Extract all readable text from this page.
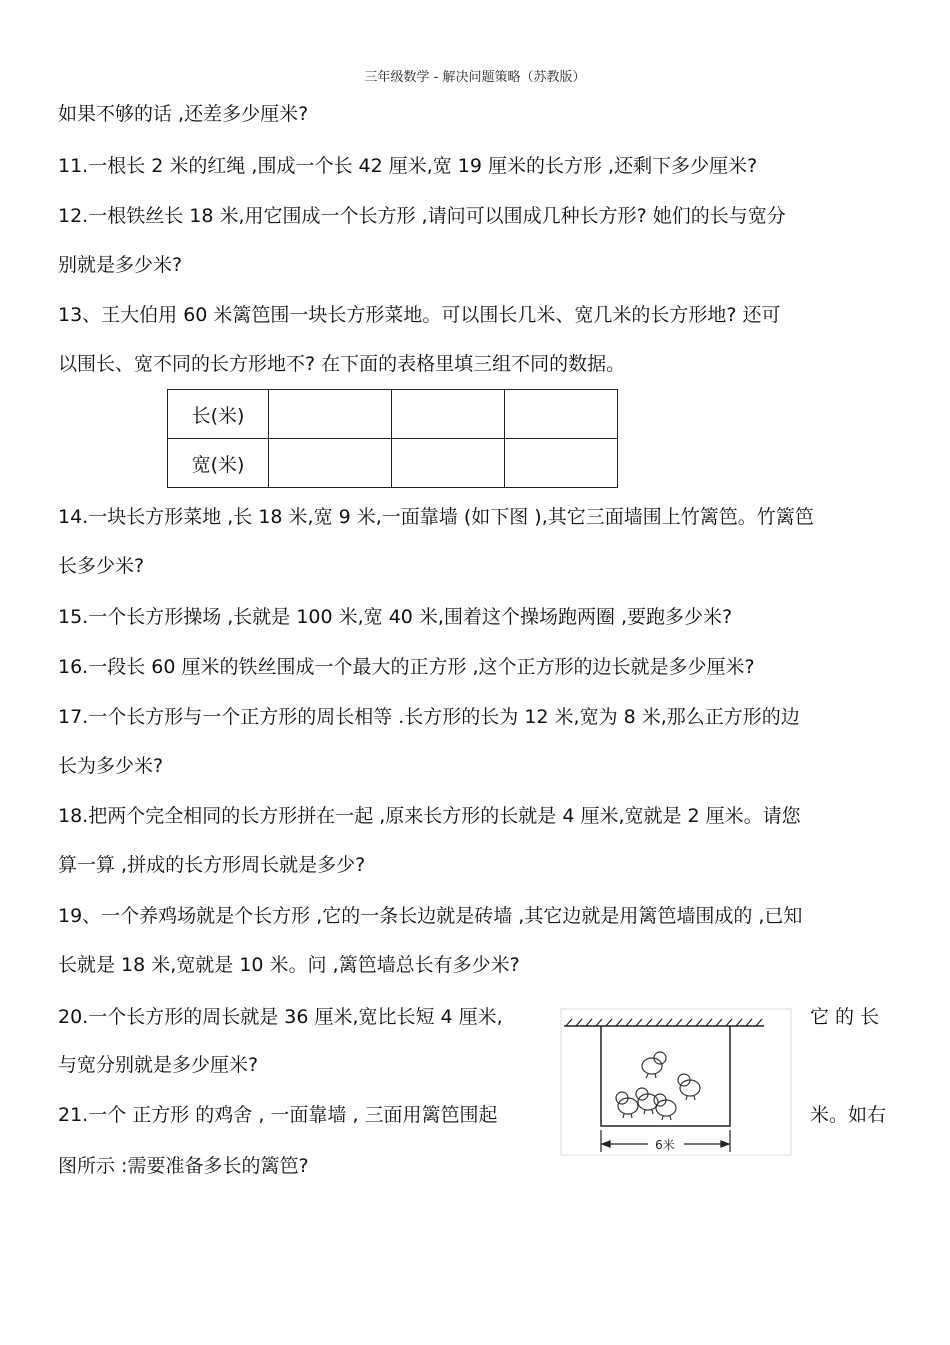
三年级数学 - 解决问题策略（苏教版）
如果不够的话 ,还差多少厘米?
11.一根长 2 米的红绳 ,围成一个长 42 厘米,宽 19 厘米的长方形 ,还剩下多少厘米?
12.一根铁丝长 18 米,用它围成一个长方形 ,请问可以围成几种长方形? 她们的长与宽分
别就是多少米?
13、王大伯用 60 米篱笆围一块长方形菜地。可以围长几米、宽几米的长方形地? 还可
以围长、宽不同的长方形地不? 在下面的表格里填三组不同的数据。
长(米)			
宽(米)			
14.一块长方形菜地 ,长 18 米,宽 9 米,一面靠墙 (如下图 ),其它三面墙围上竹篱笆。竹篱笆
长多少米?
15.一个长方形操场 ,长就是 100 米,宽 40 米,围着这个操场跑两圈 ,要跑多少米?
16.一段长 60 厘米的铁丝围成一个最大的正方形 ,这个正方形的边长就是多少厘米?
17.一个长方形与一个正方形的周长相等 .长方形的长为 12 米,宽为 8 米,那么正方形的边
长为多少米?
18.把两个完全相同的长方形拼在一起 ,原来长方形的长就是 4 厘米,宽就是 2 厘米。请您
算一算 ,拼成的长方形周长就是多少?
19、一个养鸡场就是个长方形 ,它的一条长边就是砖墙 ,其它边就是用篱笆墙围成的 ,已知
长就是 18 米,宽就是 10 米。问 ,篱笆墙总长有多少米?
20.一个长方形的周长就是 36 厘米,宽比长短 4 厘米,	它 的 长
与宽分别就是多少厘米?
21.一个 正方形 的鸡舍 , 一面靠墙 , 三面用篱笆围起	米。如右
图所示 :需要准备多长的篱笆?
6米
